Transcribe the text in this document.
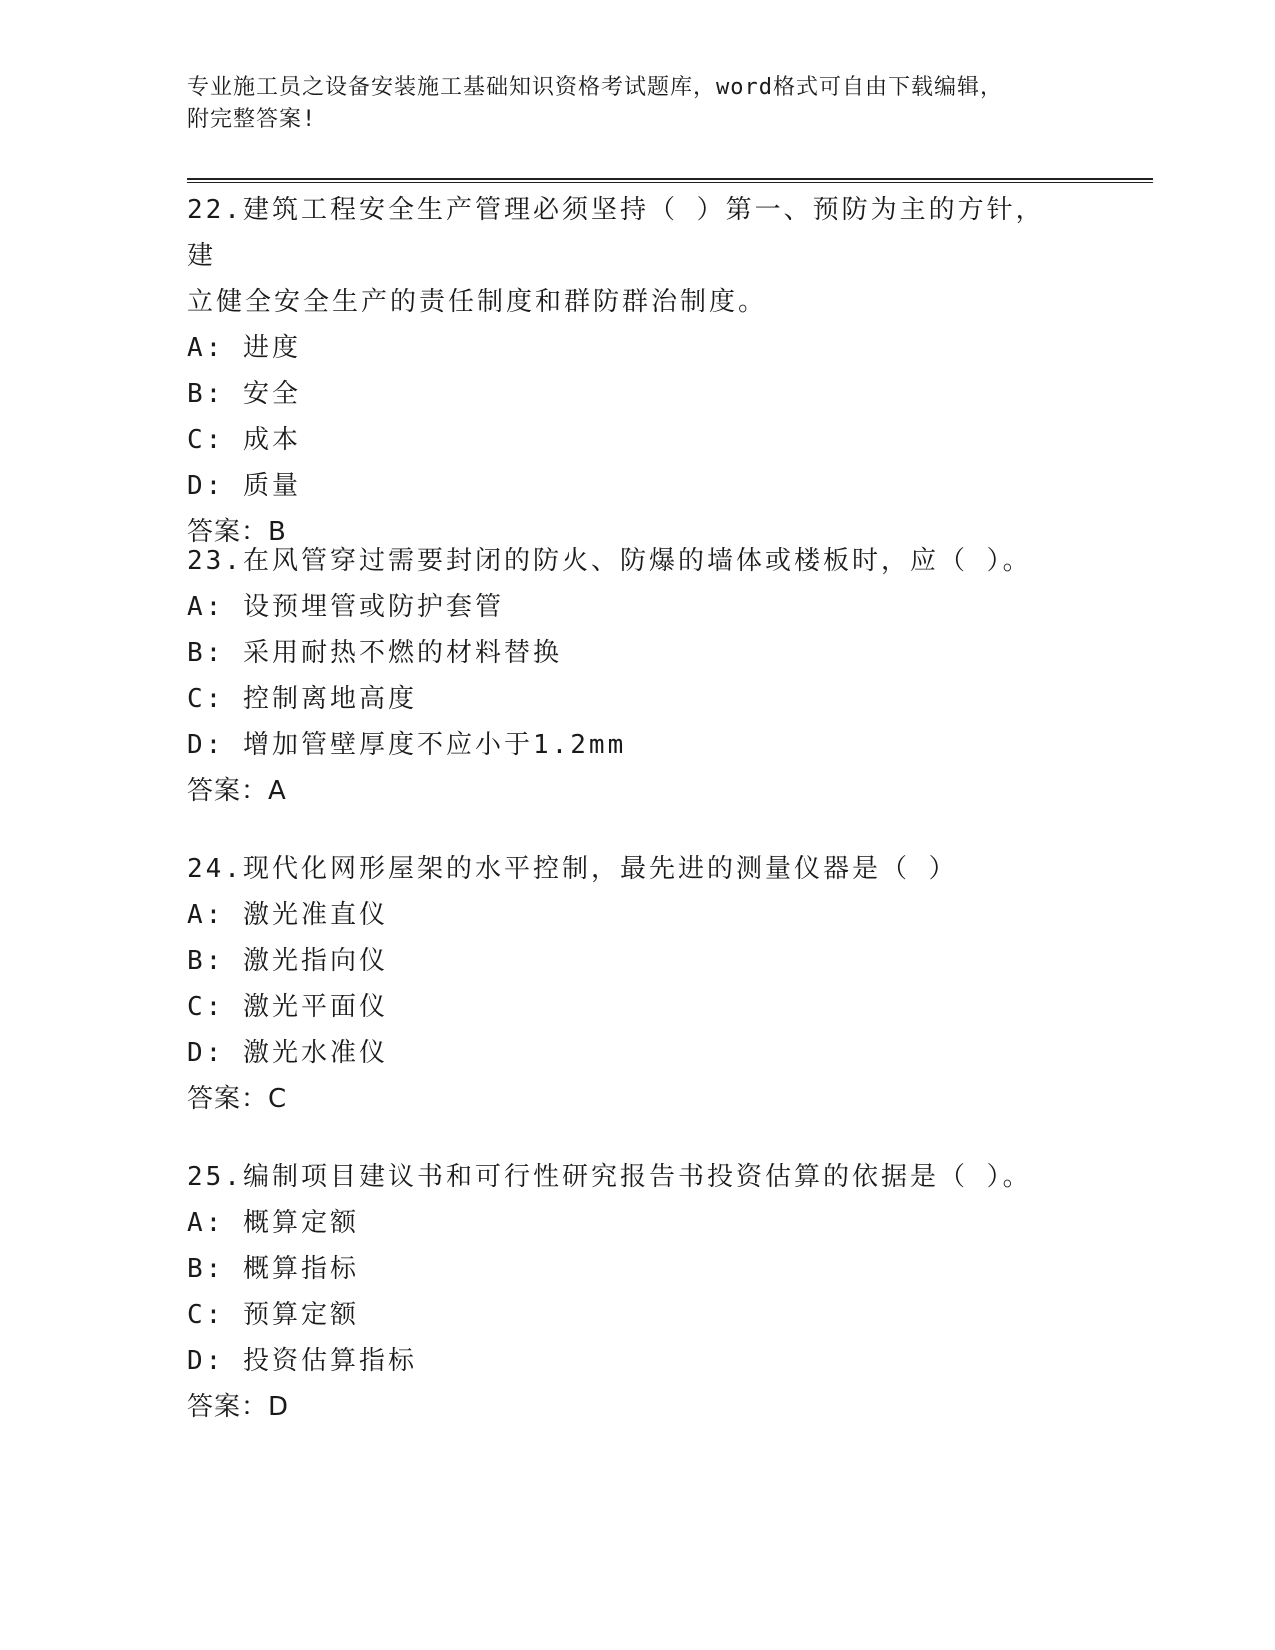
专业施工员之设备安装施工基础知识资格考试题库，word格式可自由下载编辑，
附完整答案!

22.建筑工程安全生产管理必须坚持（ ）第一、预防为主的方针，建

立健全安全生产的责任制度和群防群治制度。

A: 进度

B: 安全

C: 成本

D: 质量

答案：B

23.在风管穿过需要封闭的防火、防爆的墙体或楼板时，应（ ）。

A: 设预埋管或防护套管

B: 采用耐热不燃的材料替换

C: 控制离地高度

D: 增加管壁厚度不应小于1.2mm

答案：A

24.现代化网形屋架的水平控制，最先进的测量仪器是（ ）

A: 激光准直仪

B: 激光指向仪

C: 激光平面仪

D: 激光水准仪

答案：C

25.编制项目建议书和可行性研究报告书投资估算的依据是（ ）。

A: 概算定额

B: 概算指标

C: 预算定额

D: 投资估算指标

答案：D
